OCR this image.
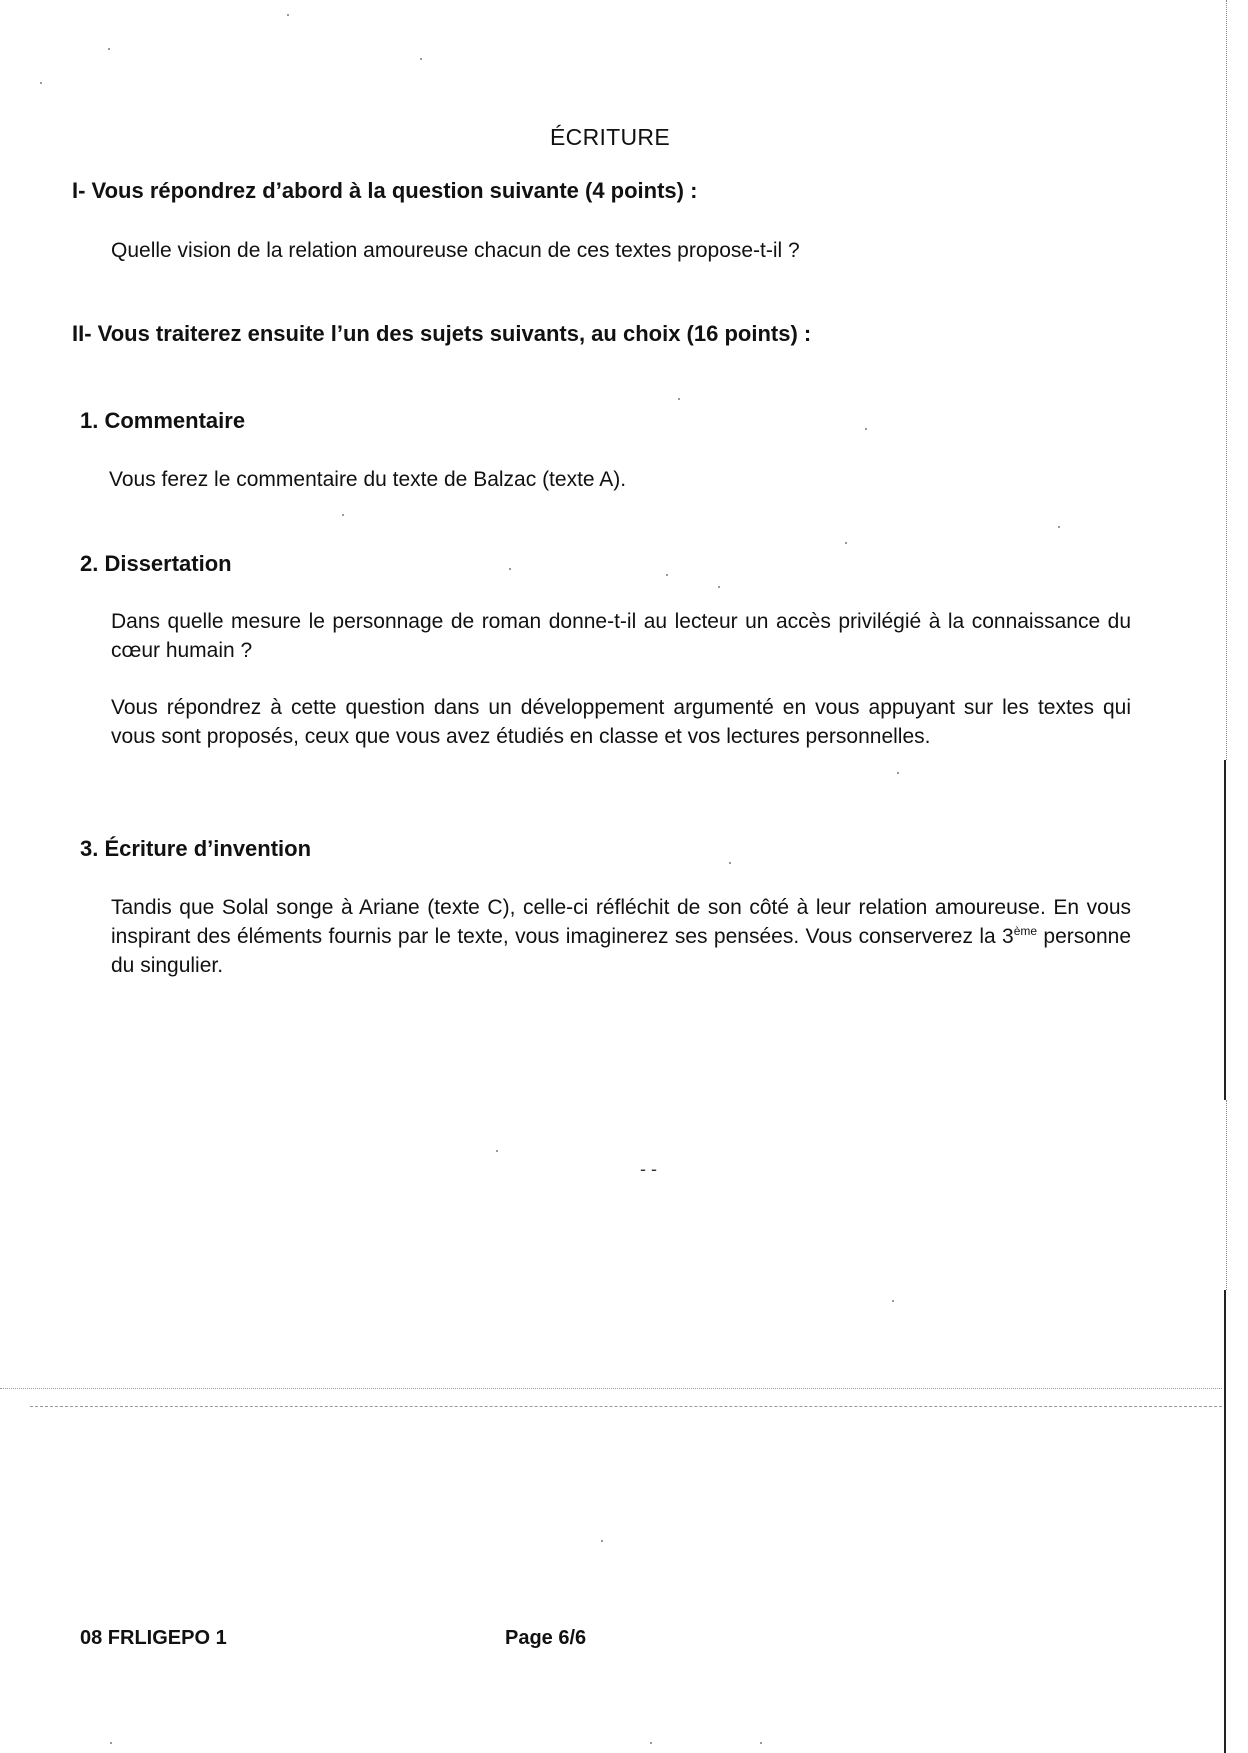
ÉCRITURE
I- Vous répondrez d’abord à la question suivante (4 points) :
Quelle vision de la relation amoureuse chacun de ces textes propose-t-il ?
II- Vous traiterez ensuite l’un des sujets suivants, au choix (16 points) :
1. Commentaire
Vous ferez le commentaire du texte de Balzac (texte A).
2. Dissertation
Dans quelle mesure le personnage de roman donne-t-il au lecteur un accès privilégié à la connaissance du cœur humain ?
Vous répondrez à cette question dans un développement argumenté en vous appuyant sur les textes qui vous sont proposés, ceux que vous avez étudiés en classe et vos lectures personnelles.
3. Écriture d’invention
Tandis que Solal songe à Ariane (texte C), celle-ci réfléchit de son côté à leur relation amoureuse. En vous inspirant des éléments fournis par le texte, vous imaginerez ses pensées. Vous conserverez la 3ème personne du singulier.
- -
08 FRLIGEPO 1	Page 6/6
